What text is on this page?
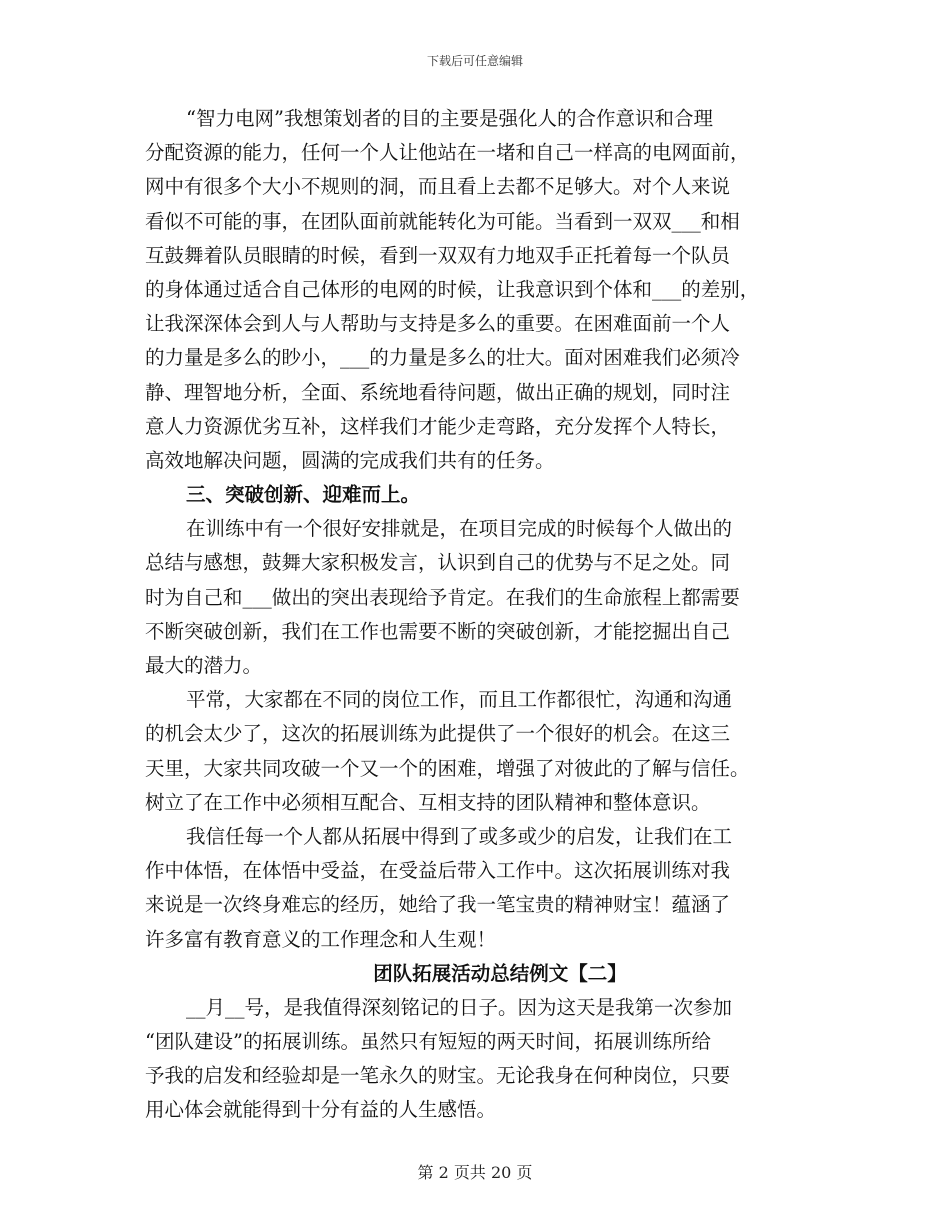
下载后可任意编辑
“智力电网”我想策划者的目的主要是强化人的合作意识和合理
分配资源的能力，任何一个人让他站在一堵和自己一样高的电网面前，
网中有很多个大小不规则的洞，而且看上去都不足够大。对个人来说
看似不可能的事，在团队面前就能转化为可能。当看到一双双___和相
互鼓舞着队员眼睛的时候，看到一双双有力地双手正托着每一个队员
的身体通过适合自己体形的电网的时候，让我意识到个体和___的差别，
让我深深体会到人与人帮助与支持是多么的重要。在困难面前一个人
的力量是多么的眇小，___的力量是多么的壮大。面对困难我们必须冷
静、理智地分析，全面、系统地看待问题，做出正确的规划，同时注
意人力资源优劣互补，这样我们才能少走弯路，充分发挥个人特长，
高效地解决问题，圆满的完成我们共有的任务。
三、突破创新、迎难而上。
在训练中有一个很好安排就是，在项目完成的时候每个人做出的
总结与感想，鼓舞大家积极发言，认识到自己的优势与不足之处。同
时为自己和___做出的突出表现给予肯定。在我们的生命旅程上都需要
不断突破创新，我们在工作也需要不断的突破创新，才能挖掘出自己
最大的潜力。
平常，大家都在不同的岗位工作，而且工作都很忙，沟通和沟通
的机会太少了，这次的拓展训练为此提供了一个很好的机会。在这三
天里，大家共同攻破一个又一个的困难，增强了对彼此的了解与信任。
树立了在工作中必须相互配合、互相支持的团队精神和整体意识。
我信任每一个人都从拓展中得到了或多或少的启发，让我们在工
作中体悟，在体悟中受益，在受益后带入工作中。这次拓展训练对我
来说是一次终身难忘的经历，她给了我一笔宝贵的精神财宝！蕴涵了
许多富有教育意义的工作理念和人生观！
团队拓展活动总结例文【二】
__月__号，是我值得深刻铭记的日子。因为这天是我第一次参加
“团队建设”的拓展训练。虽然只有短短的两天时间，拓展训练所给
予我的启发和经验却是一笔永久的财宝。无论我身在何种岗位，只要
用心体会就能得到十分有益的人生感悟。
第 2 页共 20 页
